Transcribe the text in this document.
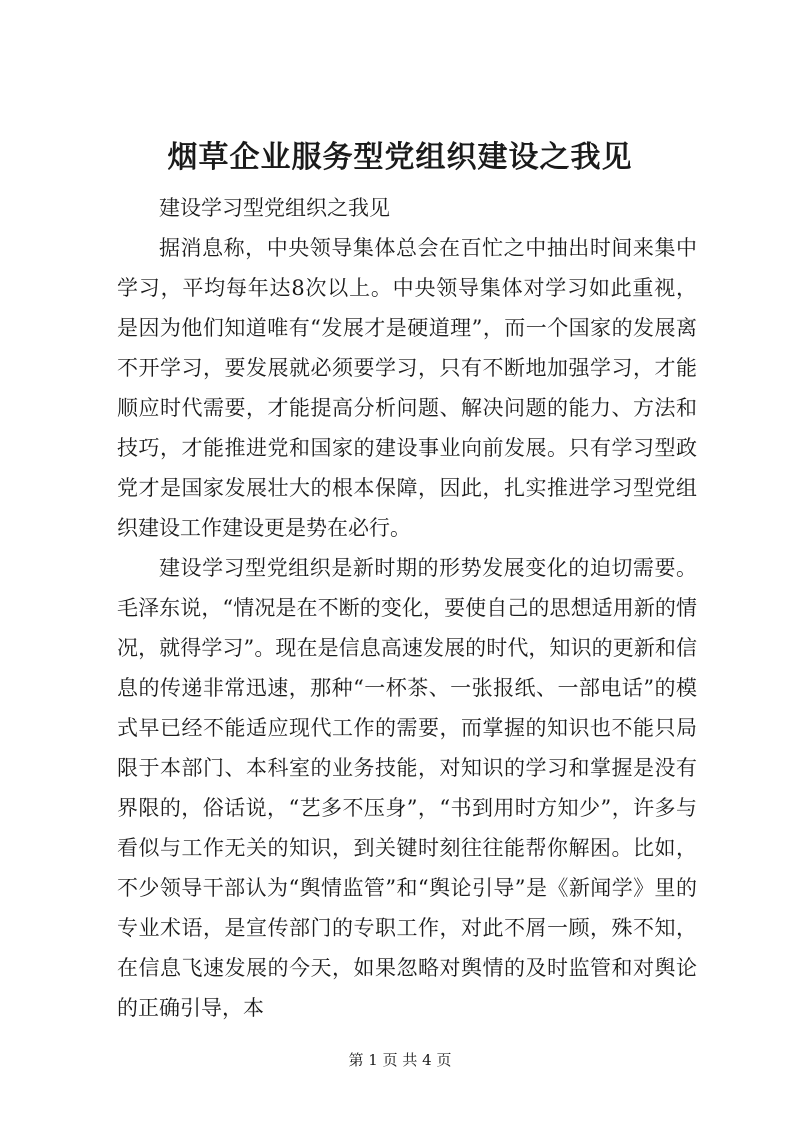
烟草企业服务型党组织建设之我见

建设学习型党组织之我见

据消息称，中央领导集体总会在百忙之中抽出时间来集中学习，平均每年达8次以上。中央领导集体对学习如此重视，是因为他们知道唯有“发展才是硬道理”，而一个国家的发展离不开学习，要发展就必须要学习，只有不断地加强学习，才能顺应时代需要，才能提高分析问题、解决问题的能力、方法和技巧，才能推进党和国家的建设事业向前发展。只有学习型政党才是国家发展壮大的根本保障，因此，扎实推进学习型党组织建设工作建设更是势在必行。

建设学习型党组织是新时期的形势发展变化的迫切需要。毛泽东说，“情况是在不断的变化，要使自己的思想适用新的情况，就得学习”。现在是信息高速发展的时代，知识的更新和信息的传递非常迅速，那种“一杯茶、一张报纸、一部电话”的模式早已经不能适应现代工作的需要，而掌握的知识也不能只局限于本部门、本科室的业务技能，对知识的学习和掌握是没有界限的，俗话说，“艺多不压身”，“书到用时方知少”，许多与看似与工作无关的知识，到关键时刻往往能帮你解困。比如，不少领导干部认为“舆情监管”和“舆论引导”是《新闻学》里的专业术语，是宣传部门的专职工作，对此不屑一顾，殊不知，在信息飞速发展的今天，如果忽略对舆情的及时监管和对舆论的正确引导，本

第 1 页 共 4 页
